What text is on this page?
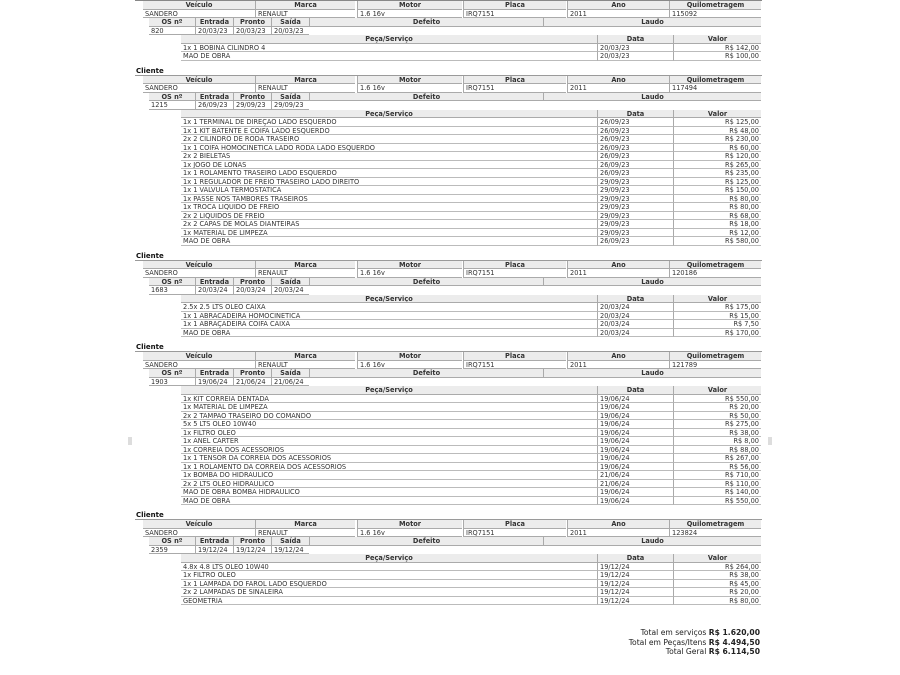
Veículo	Marca	Motor	Placa	Ano	Quilometragem
SANDERO	RENAULT	1.6 16v	IRQ7151	2011	115092
OS nº	Entrada	Pronto	Saída	Defeito	Laudo
820	20/03/23	20/03/23	20/03/23
Peça/Serviço	Data	Valor
1x 1 BOBINA CILINDRO 4	20/03/23	R$ 142,00
MAO DE OBRA	20/03/23	R$ 100,00
Cliente
Veículo	Marca	Motor	Placa	Ano	Quilometragem
SANDERO	RENAULT	1.6 16v	IRQ7151	2011	117494
OS nº	Entrada	Pronto	Saída	Defeito	Laudo
1215	26/09/23	29/09/23	29/09/23
Peça/Serviço	Data	Valor
1x 1 TERMINAL DE DIREÇÃO LADO ESQUERDO	26/09/23	R$ 125,00
1x 1 KIT BATENTE E COIFA LADO ESQUERDO	26/09/23	R$ 48,00
2x 2 CILINDRO DE RODA TRASEIRO	26/09/23	R$ 230,00
1x 1 COIFA HOMOCINETICA LADO RODA LADO ESQUERDO	26/09/23	R$ 60,00
2x 2 BIELETAS	26/09/23	R$ 120,00
1x JOGO DE LONAS	26/09/23	R$ 265,00
1x 1 ROLAMENTO TRASEIRO LADO ESQUERDO	26/09/23	R$ 235,00
1x 1 REGULADOR DE FREIO TRASEIRO LADO DIREITO	29/09/23	R$ 125,00
1x 1 VALVULA TERMOSTATICA	29/09/23	R$ 150,00
1x PASSE NOS TAMBORES TRASEIROS	29/09/23	R$ 80,00
1x TROCA LIQUIDO DE FREIO	29/09/23	R$ 80,00
2x 2 LIQUIDOS DE FREIO	29/09/23	R$ 68,00
2x 2 CAPAS DE MOLAS DIANTEIRAS	29/09/23	R$ 18,00
1x MATERIAL DE LIMPEZA	29/09/23	R$ 12,00
MAO DE OBRA	26/09/23	R$ 580,00
Cliente
Veículo	Marca	Motor	Placa	Ano	Quilometragem
SANDERO	RENAULT	1.6 16v	IRQ7151	2011	120186
OS nº	Entrada	Pronto	Saída	Defeito	Laudo
1683	20/03/24	20/03/24	20/03/24
Peça/Serviço	Data	Valor
2.5x 2.5 LTS OLEO CAIXA	20/03/24	R$ 175,00
1x 1 ABRACADEIRA HOMOCINETICA	20/03/24	R$ 15,00
1x 1 ABRAÇADEIRA COIFA CAIXA	20/03/24	R$ 7,50
MAO DE OBRA	20/03/24	R$ 170,00
Cliente
Veículo	Marca	Motor	Placa	Ano	Quilometragem
SANDERO	RENAULT	1.6 16v	IRQ7151	2011	121789
OS nº	Entrada	Pronto	Saída	Defeito	Laudo
1903	19/06/24	21/06/24	21/06/24
Peça/Serviço	Data	Valor
1x KIT CORREIA DENTADA	19/06/24	R$ 550,00
1x MATERIAL DE LIMPEZA	19/06/24	R$ 20,00
2x 2 TAMPÃO TRASEIRO DO COMANDO	19/06/24	R$ 50,00
5x 5 LTS OLEO 10W40	19/06/24	R$ 275,00
1x FILTRO OLEO	19/06/24	R$ 38,00
1x ANEL CARTER	19/06/24	R$ 8,00
1x CORREIA DOS ACESSORIOS	19/06/24	R$ 88,00
1x 1 TENSOR DA CORREIA DOS ACESSORIOS	19/06/24	R$ 267,00
1x 1 ROLAMENTO DA CORREIA DOS ACESSORIOS	19/06/24	R$ 56,00
1x BOMBA DO HIDRAULICO	21/06/24	R$ 710,00
2x 2 LTS OLEO HIDRAULICO	21/06/24	R$ 110,00
MAO DE OBRA BOMBA HIDRAULICO	19/06/24	R$ 140,00
MAO DE OBRA	19/06/24	R$ 550,00
Cliente
Veículo	Marca	Motor	Placa	Ano	Quilometragem
SANDERO	RENAULT	1.6 16v	IRQ7151	2011	123824
OS nº	Entrada	Pronto	Saída	Defeito	Laudo
2359	19/12/24	19/12/24	19/12/24
Peça/Serviço	Data	Valor
4.8x 4.8 LTS OLEO 10W40	19/12/24	R$ 264,00
1x FILTRO OLEO	19/12/24	R$ 38,00
1x 1 LAMPADA DO FAROL LADO ESQUERDO	19/12/24	R$ 45,00
2x 2 LAMPADAS DE SINALEIRA	19/12/24	R$ 20,00
GEOMETRIA	19/12/24	R$ 80,00
Total em serviços R$ 1.620,00
Total em Peças/Itens R$ 4.494,50
Total Geral R$ 6.114,50
